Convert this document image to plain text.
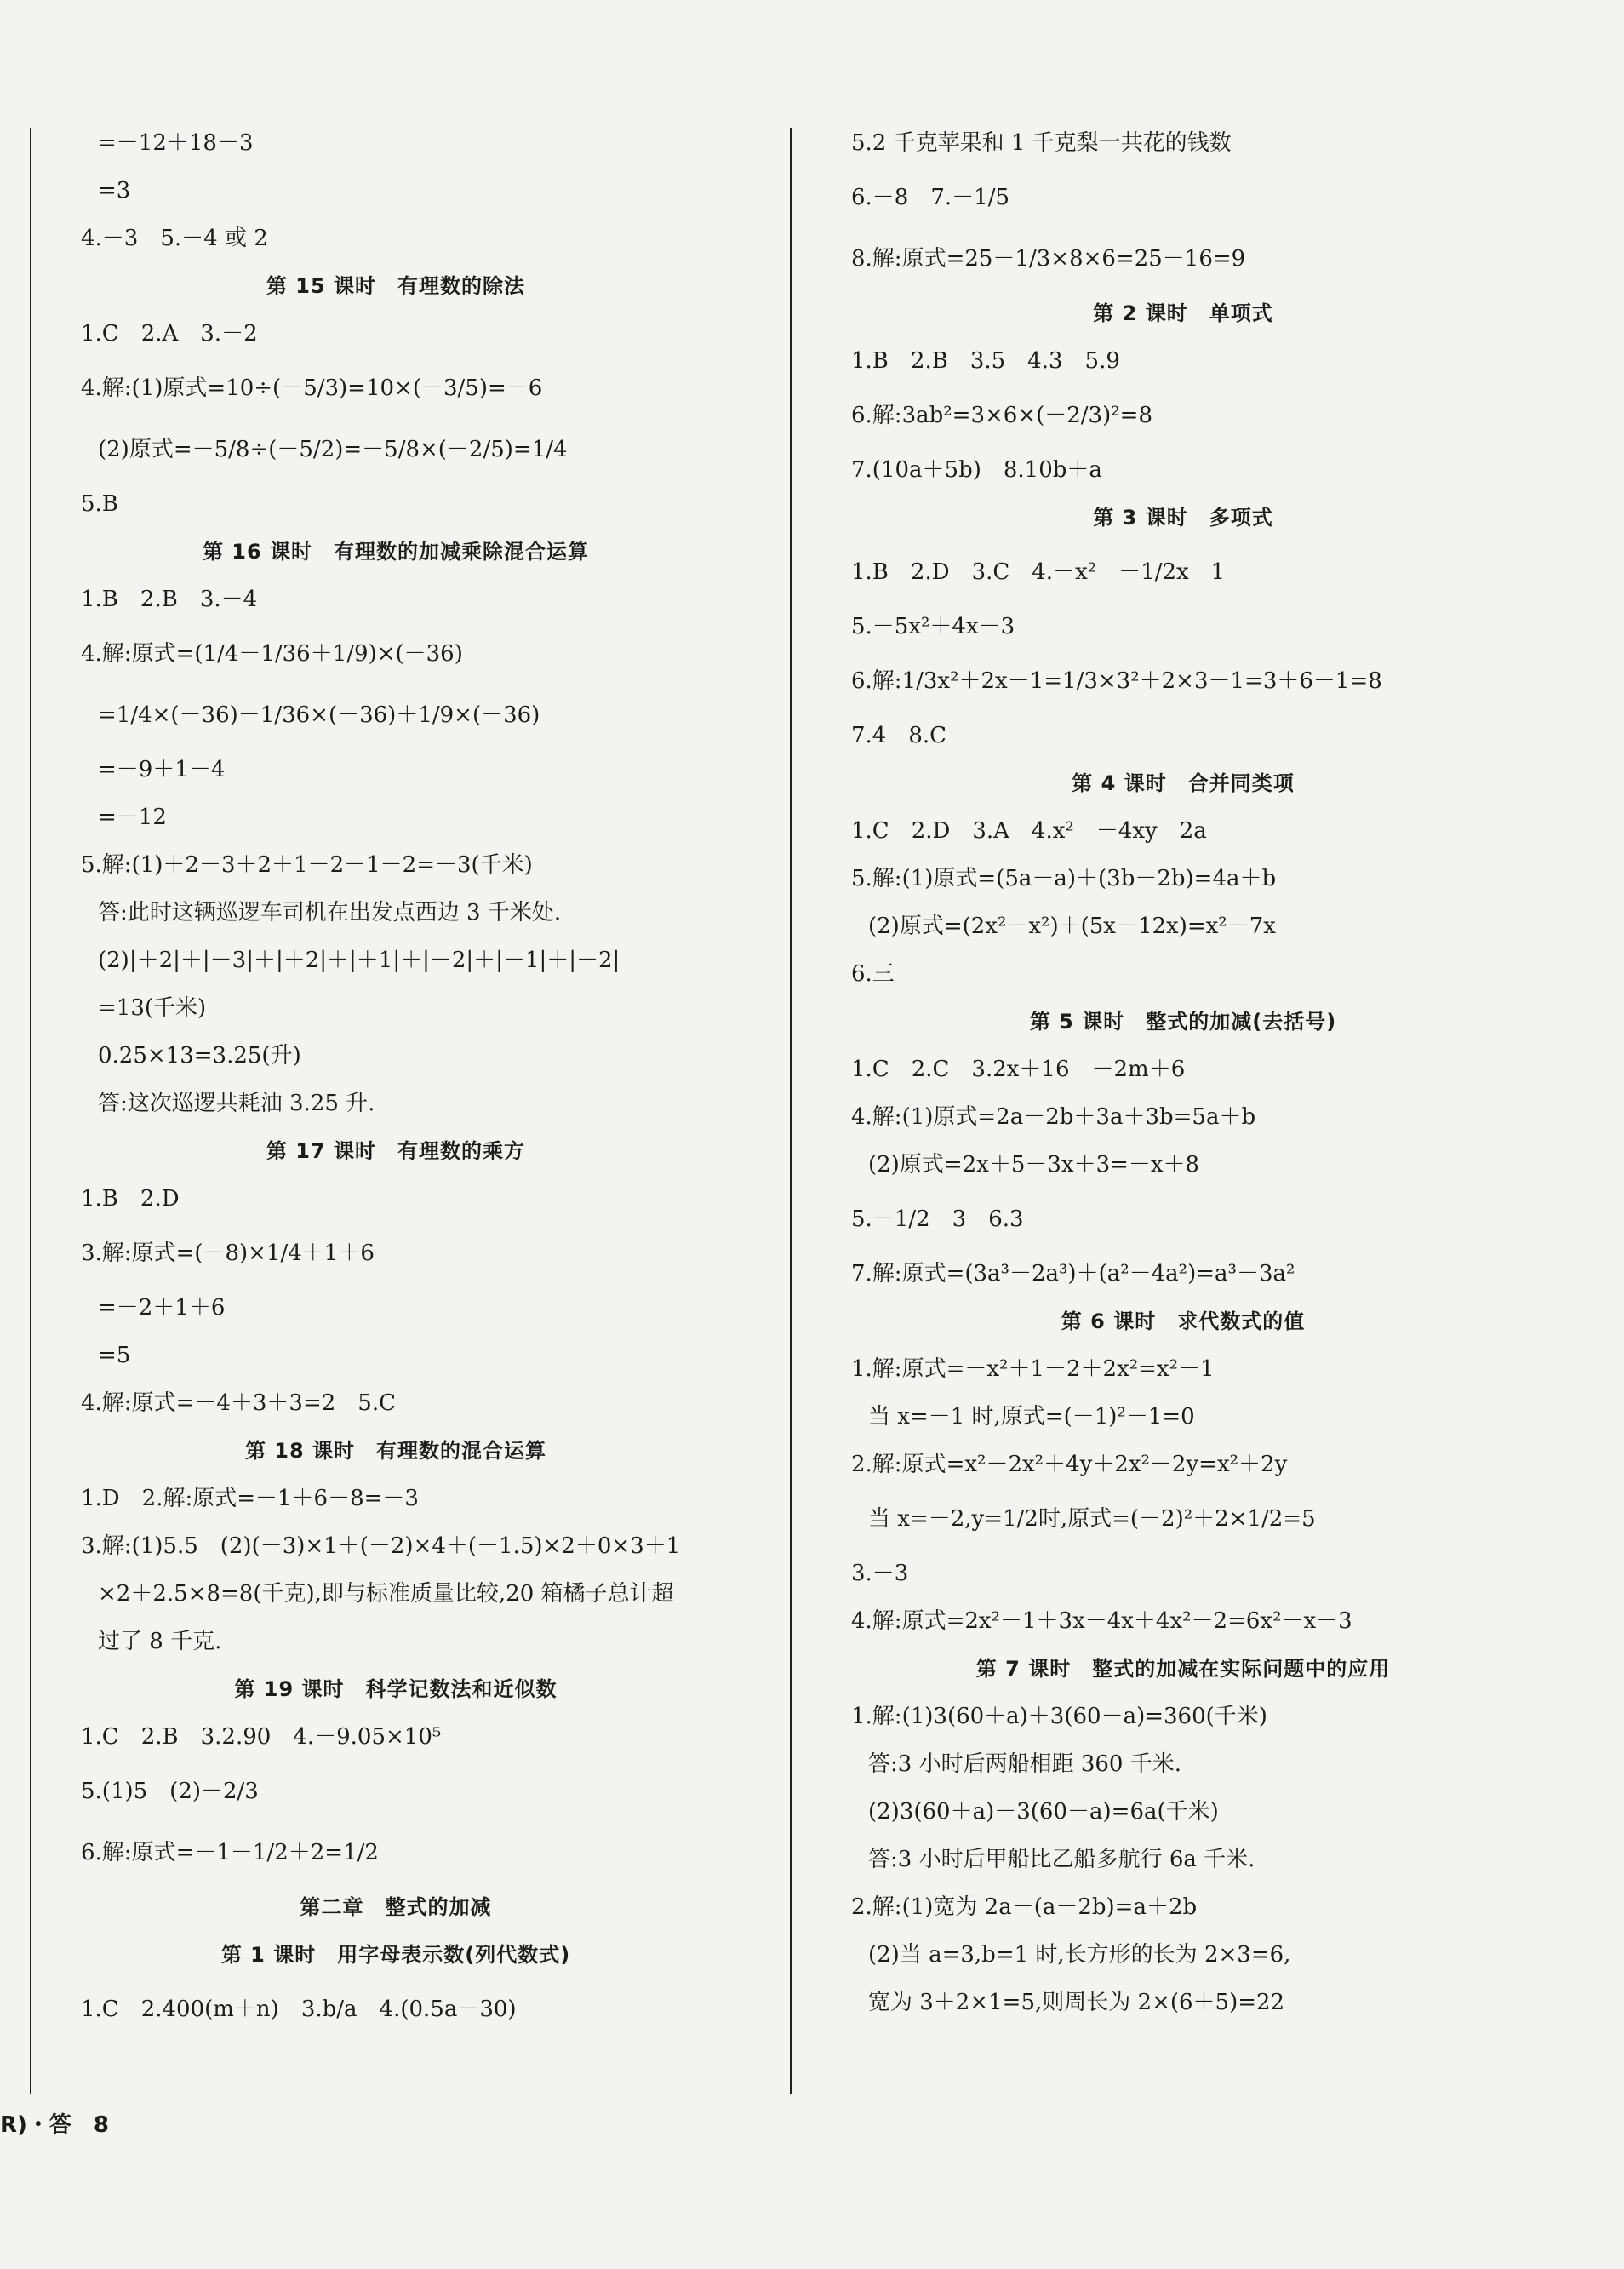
=－12＋18－3
=3
4.－3　5.－4 或 2
第 15 课时　有理数的除法
1.C　2.A　3.－2
4.解:(1)原式=10÷(－5/3)=10×(－3/5)=－6
(2)原式=－5/8÷(－5/2)=－5/8×(－2/5)=1/4
5.B
第 16 课时　有理数的加减乘除混合运算
1.B　2.B　3.－4
4.解:原式=(1/4－1/36＋1/9)×(－36)
=1/4×(－36)－1/36×(－36)＋1/9×(－36)
=－9＋1－4
=－12
5.解:(1)＋2－3＋2＋1－2－1－2=－3(千米)
答:此时这辆巡逻车司机在出发点西边 3 千米处.
(2)|＋2|＋|－3|＋|＋2|＋|＋1|＋|－2|＋|－1|＋|－2|
=13(千米)
0.25×13=3.25(升)
答:这次巡逻共耗油 3.25 升.
第 17 课时　有理数的乘方
1.B　2.D
3.解:原式=(－8)×1/4＋1＋6
=－2＋1＋6
=5
4.解:原式=－4＋3＋3=2　5.C
第 18 课时　有理数的混合运算
1.D　2.解:原式=－1＋6－8=－3
3.解:(1)5.5　(2)(－3)×1＋(－2)×4＋(－1.5)×2＋0×3＋1
×2＋2.5×8=8(千克),即与标准质量比较,20 箱橘子总计超
过了 8 千克.
第 19 课时　科学记数法和近似数
1.C　2.B　3.2.90　4.－9.05×10⁵
5.(1)5　(2)－2/3
6.解:原式=－1－1/2＋2=1/2
第二章　整式的加减
第 1 课时　用字母表示数(列代数式)
1.C　2.400(m＋n)　3.b/a　4.(0.5a－30)
5.2 千克苹果和 1 千克梨一共花的钱数
6.－8　7.－1/5
8.解:原式=25－1/3×8×6=25－16=9
第 2 课时　单项式
1.B　2.B　3.5　4.3　5.9
6.解:3ab²=3×6×(－2/3)²=8
7.(10a＋5b)　8.10b＋a
第 3 课时　多项式
1.B　2.D　3.C　4.－x²　－1/2x　1
5.－5x²＋4x－3
6.解:1/3x²＋2x－1=1/3×3²＋2×3－1=3＋6－1=8
7.4　8.C
第 4 课时　合并同类项
1.C　2.D　3.A　4.x²　－4xy　2a
5.解:(1)原式=(5a－a)＋(3b－2b)=4a＋b
(2)原式=(2x²－x²)＋(5x－12x)=x²－7x
6.三
第 5 课时　整式的加减(去括号)
1.C　2.C　3.2x＋16　－2m＋6
4.解:(1)原式=2a－2b＋3a＋3b=5a＋b
(2)原式=2x＋5－3x＋3=－x＋8
5.－1/2　3　6.3
7.解:原式=(3a³－2a³)＋(a²－4a²)=a³－3a²
第 6 课时　求代数式的值
1.解:原式=－x²＋1－2＋2x²=x²－1
当 x=－1 时,原式=(－1)²－1=0
2.解:原式=x²－2x²＋4y＋2x²－2y=x²＋2y
当 x=－2,y=1/2时,原式=(－2)²＋2×1/2=5
3.－3
4.解:原式=2x²－1＋3x－4x＋4x²－2=6x²－x－3
第 7 课时　整式的加减在实际问题中的应用
1.解:(1)3(60＋a)＋3(60－a)=360(千米)
答:3 小时后两船相距 360 千米.
(2)3(60＋a)－3(60－a)=6a(千米)
答:3 小时后甲船比乙船多航行 6a 千米.
2.解:(1)宽为 2a－(a－2b)=a＋2b
(2)当 a=3,b=1 时,长方形的长为 2×3=6,
宽为 3＋2×1=5,则周长为 2×(6＋5)=22
R)・答　8
